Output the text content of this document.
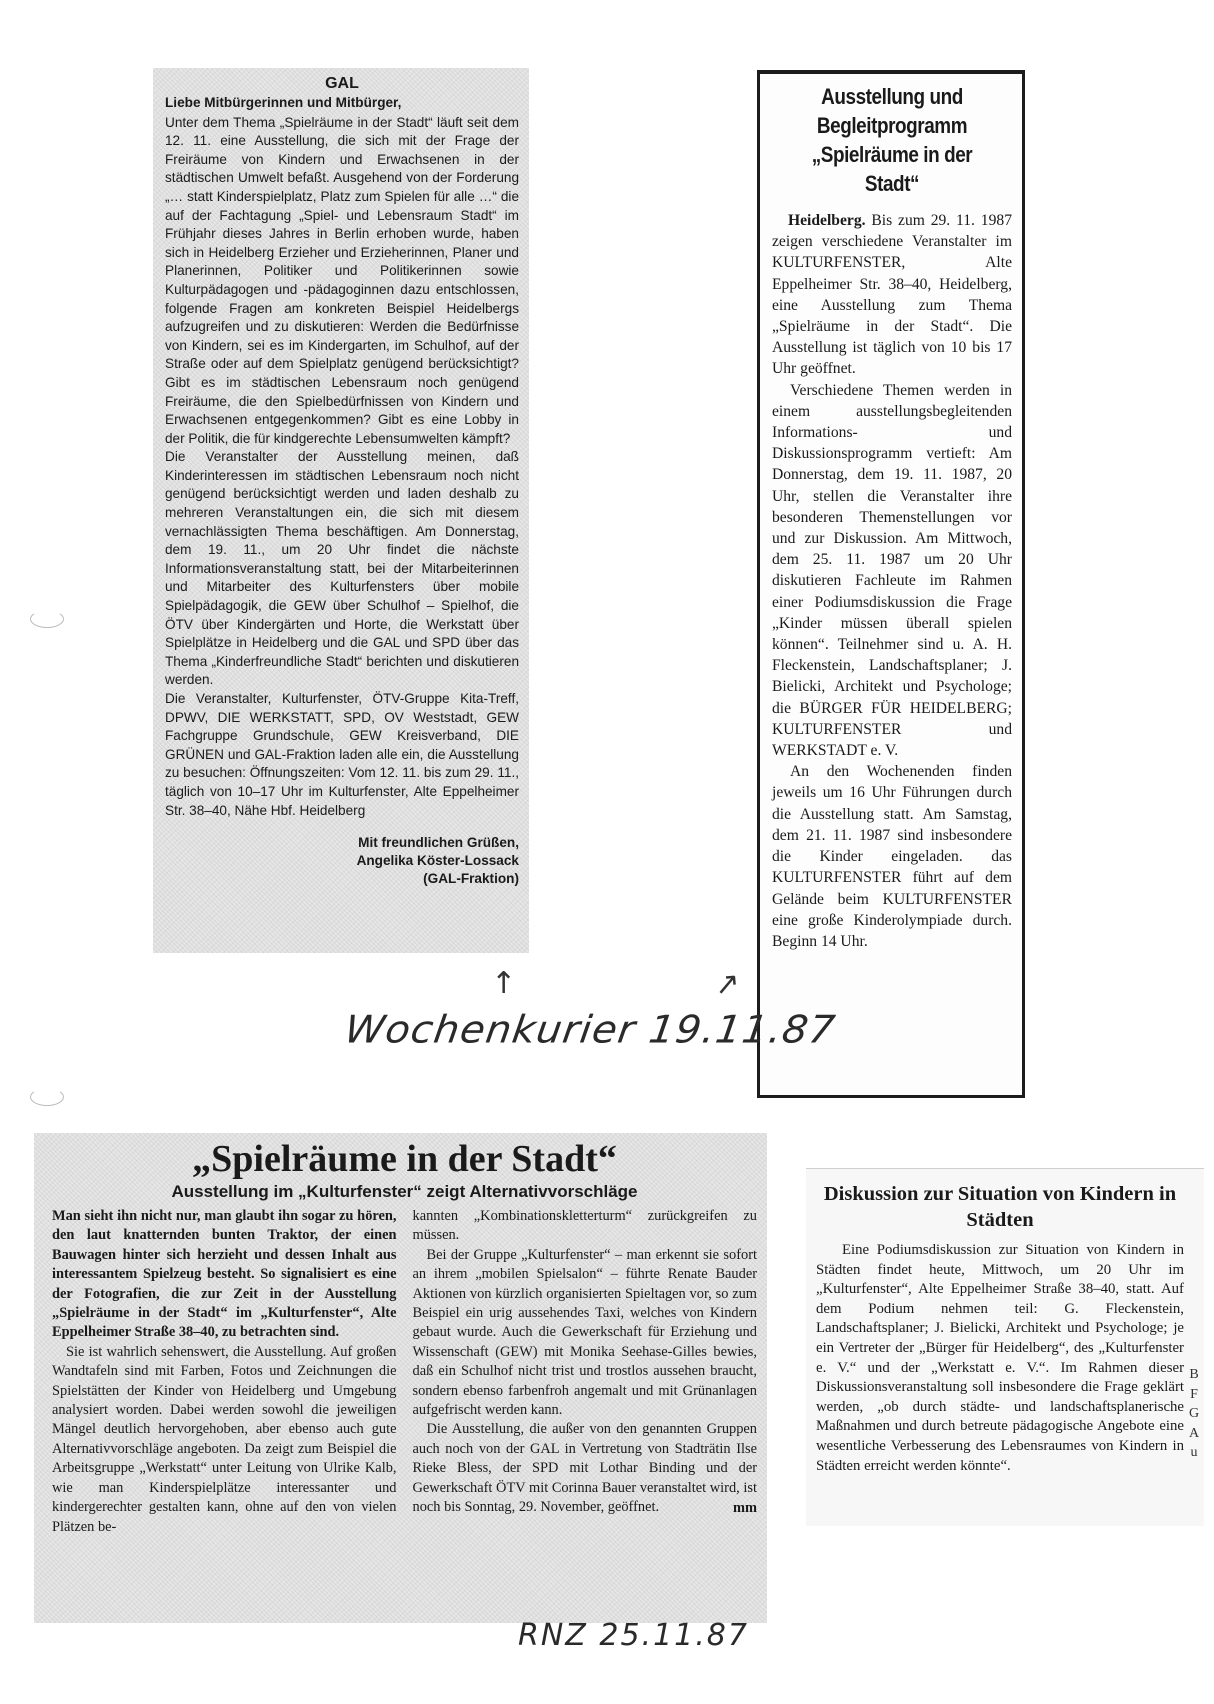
GAL
Liebe Mitbürgerinnen und Mitbürger,

Unter dem Thema „Spielräume in der Stadt“ läuft seit dem 12. 11. eine Ausstellung, die sich mit der Frage der Freiräume von Kindern und Erwachsenen in der städtischen Umwelt befaßt. Ausgehend von der Forderung „… statt Kinderspielplatz, Platz zum Spielen für alle …“ die auf der Fachtagung „Spiel- und Lebensraum Stadt“ im Frühjahr dieses Jahres in Berlin erhoben wurde, haben sich in Heidelberg Erzieher und Erzieherinnen, Planer und Planerinnen, Politiker und Politikerinnen sowie Kulturpädagogen und -pädagoginnen dazu entschlossen, folgende Fragen am konkreten Beispiel Heidelbergs aufzugreifen und zu diskutieren: Werden die Bedürfnisse von Kindern, sei es im Kindergarten, im Schulhof, auf der Straße oder auf dem Spielplatz genügend berücksichtigt? Gibt es im städtischen Lebensraum noch genügend Freiräume, die den Spielbedürfnissen von Kindern und Erwachsenen entgegenkommen? Gibt es eine Lobby in der Politik, die für kindgerechte Lebensumwelten kämpft?

Die Veranstalter der Ausstellung meinen, daß Kinderinteressen im städtischen Lebensraum noch nicht genügend berücksichtigt werden und laden deshalb zu mehreren Veranstaltungen ein, die sich mit diesem vernachlässigten Thema beschäftigen. Am Donnerstag, dem 19. 11., um 20 Uhr findet die nächste Informationsveranstaltung statt, bei der Mitarbeiterinnen und Mitarbeiter des Kulturfensters über mobile Spielpädagogik, die GEW über Schulhof – Spielhof, die ÖTV über Kindergärten und Horte, die Werkstatt über Spielplätze in Heidelberg und die GAL und SPD über das Thema „Kinderfreundliche Stadt“ berichten und diskutieren werden.

Die Veranstalter, Kulturfenster, ÖTV-Gruppe Kita-Treff, DPWV, DIE WERKSTATT, SPD, OV Weststadt, GEW Fachgruppe Grundschule, GEW Kreisverband, DIE GRÜNEN und GAL-Fraktion laden alle ein, die Ausstellung zu besuchen: Öffnungszeiten: Vom 12. 11. bis zum 29. 11., täglich von 10–17 Uhr im Kulturfenster, Alte Eppelheimer Str. 38–40, Nähe Hbf. Heidelberg

Mit freundlichen Grüßen,
Angelika Köster-Lossack
(GAL-Fraktion)
Ausstellung und Begleitprogramm „Spielräume in der Stadt“

Heidelberg. Bis zum 29. 11. 1987 zeigen verschiedene Veranstalter im KULTURFENSTER, Alte Eppelheimer Str. 38–40, Heidelberg, eine Ausstellung zum Thema „Spielräume in der Stadt“. Die Ausstellung ist täglich von 10 bis 17 Uhr geöffnet.

Verschiedene Themen werden in einem ausstellungsbegleitenden Informations- und Diskussionsprogramm vertieft: Am Donnerstag, dem 19. 11. 1987, 20 Uhr, stellen die Veranstalter ihre besonderen Themenstellungen vor und zur Diskussion. Am Mittwoch, dem 25. 11. 1987 um 20 Uhr diskutieren Fachleute im Rahmen einer Podiumsdiskussion die Frage „Kinder müssen überall spielen können“. Teilnehmer sind u. A. H. Fleckenstein, Landschaftsplaner; J. Bielicki, Architekt und Psychologe; die BÜRGER FÜR HEIDELBERG; KULTURFENSTER und WERKSTADT e. V.

An den Wochenenden finden jeweils um 16 Uhr Führungen durch die Ausstellung statt. Am Samstag, dem 21. 11. 1987 sind insbesondere die Kinder eingeladen. das KULTURFENSTER führt auf dem Gelände beim KULTURFENSTER eine große Kinderolympiade durch. Beginn 14 Uhr.

↑	↑
Wochenkurier 19.11.87
„Spielräume in der Stadt“
Ausstellung im „Kulturfenster“ zeigt Alternativvorschläge

Man sieht ihn nicht nur, man glaubt ihn sogar zu hören, den laut knatternden bunten Traktor, der einen Bauwagen hinter sich herzieht und dessen Inhalt aus interessantem Spielzeug besteht. So signalisiert es eine der Fotografien, die zur Zeit in der Ausstellung „Spielräume in der Stadt“ im „Kulturfenster“, Alte Eppelheimer Straße 38–40, zu betrachten sind.

Sie ist wahrlich sehenswert, die Ausstellung. Auf großen Wandtafeln sind mit Farben, Fotos und Zeichnungen die Spielstätten der Kinder von Heidelberg und Umgebung analysiert worden. Dabei werden sowohl die jeweiligen Mängel deutlich hervorgehoben, aber ebenso auch gute Alternativvorschläge angeboten. Da zeigt zum Beispiel die Arbeitsgruppe „Werkstatt“ unter Leitung von Ulrike Kalb, wie man Kinderspielplätze interessanter und kindergerechter gestalten kann, ohne auf den von vielen Plätzen be-

kannten „Kombinationskletterturm“ zurückgreifen zu müssen.

Bei der Gruppe „Kulturfenster“ – man erkennt sie sofort an ihrem „mobilen Spielsalon“ – führte Renate Bauder Aktionen von kürzlich organisierten Spieltagen vor, so zum Beispiel ein urig aussehendes Taxi, welches von Kindern gebaut wurde. Auch die Gewerkschaft für Erziehung und Wissenschaft (GEW) mit Monika Seehase-Gilles bewies, daß ein Schulhof nicht trist und trostlos aussehen braucht, sondern ebenso farbenfroh angemalt und mit Grünanlagen aufgefrischt werden kann.

Die Ausstellung, die außer von den genannten Gruppen auch noch von der GAL in Vertretung von Stadträtin Ilse Rieke Bless, der SPD mit Lothar Binding und der Gewerkschaft ÖTV mit Corinna Bauer veranstaltet wird, ist noch bis Sonntag, 29. November, geöffnet.	mm
Diskussion zur Situation von Kindern in Städten

Eine Podiumsdiskussion zur Situation von Kindern in Städten findet heute, Mittwoch, um 20 Uhr im „Kulturfenster“, Alte Eppelheimer Straße 38–40, statt. Auf dem Podium nehmen teil: G. Fleckenstein, Landschaftsplaner; J. Bielicki, Architekt und Psychologe; je ein Vertreter der „Bürger für Heidelberg“, des „Kulturfenster e. V.“ und der „Werkstatt e. V.“. Im Rahmen dieser Diskussionsveranstaltung soll insbesondere die Frage geklärt werden, „ob durch städte- und landschaftsplanerische Maßnahmen und durch betreute pädagogische Angebote eine wesentliche Verbesserung des Lebensraumes von Kindern in Städten erreicht werden könnte“.

B
F
G
A
u
RNZ 25.11.87
